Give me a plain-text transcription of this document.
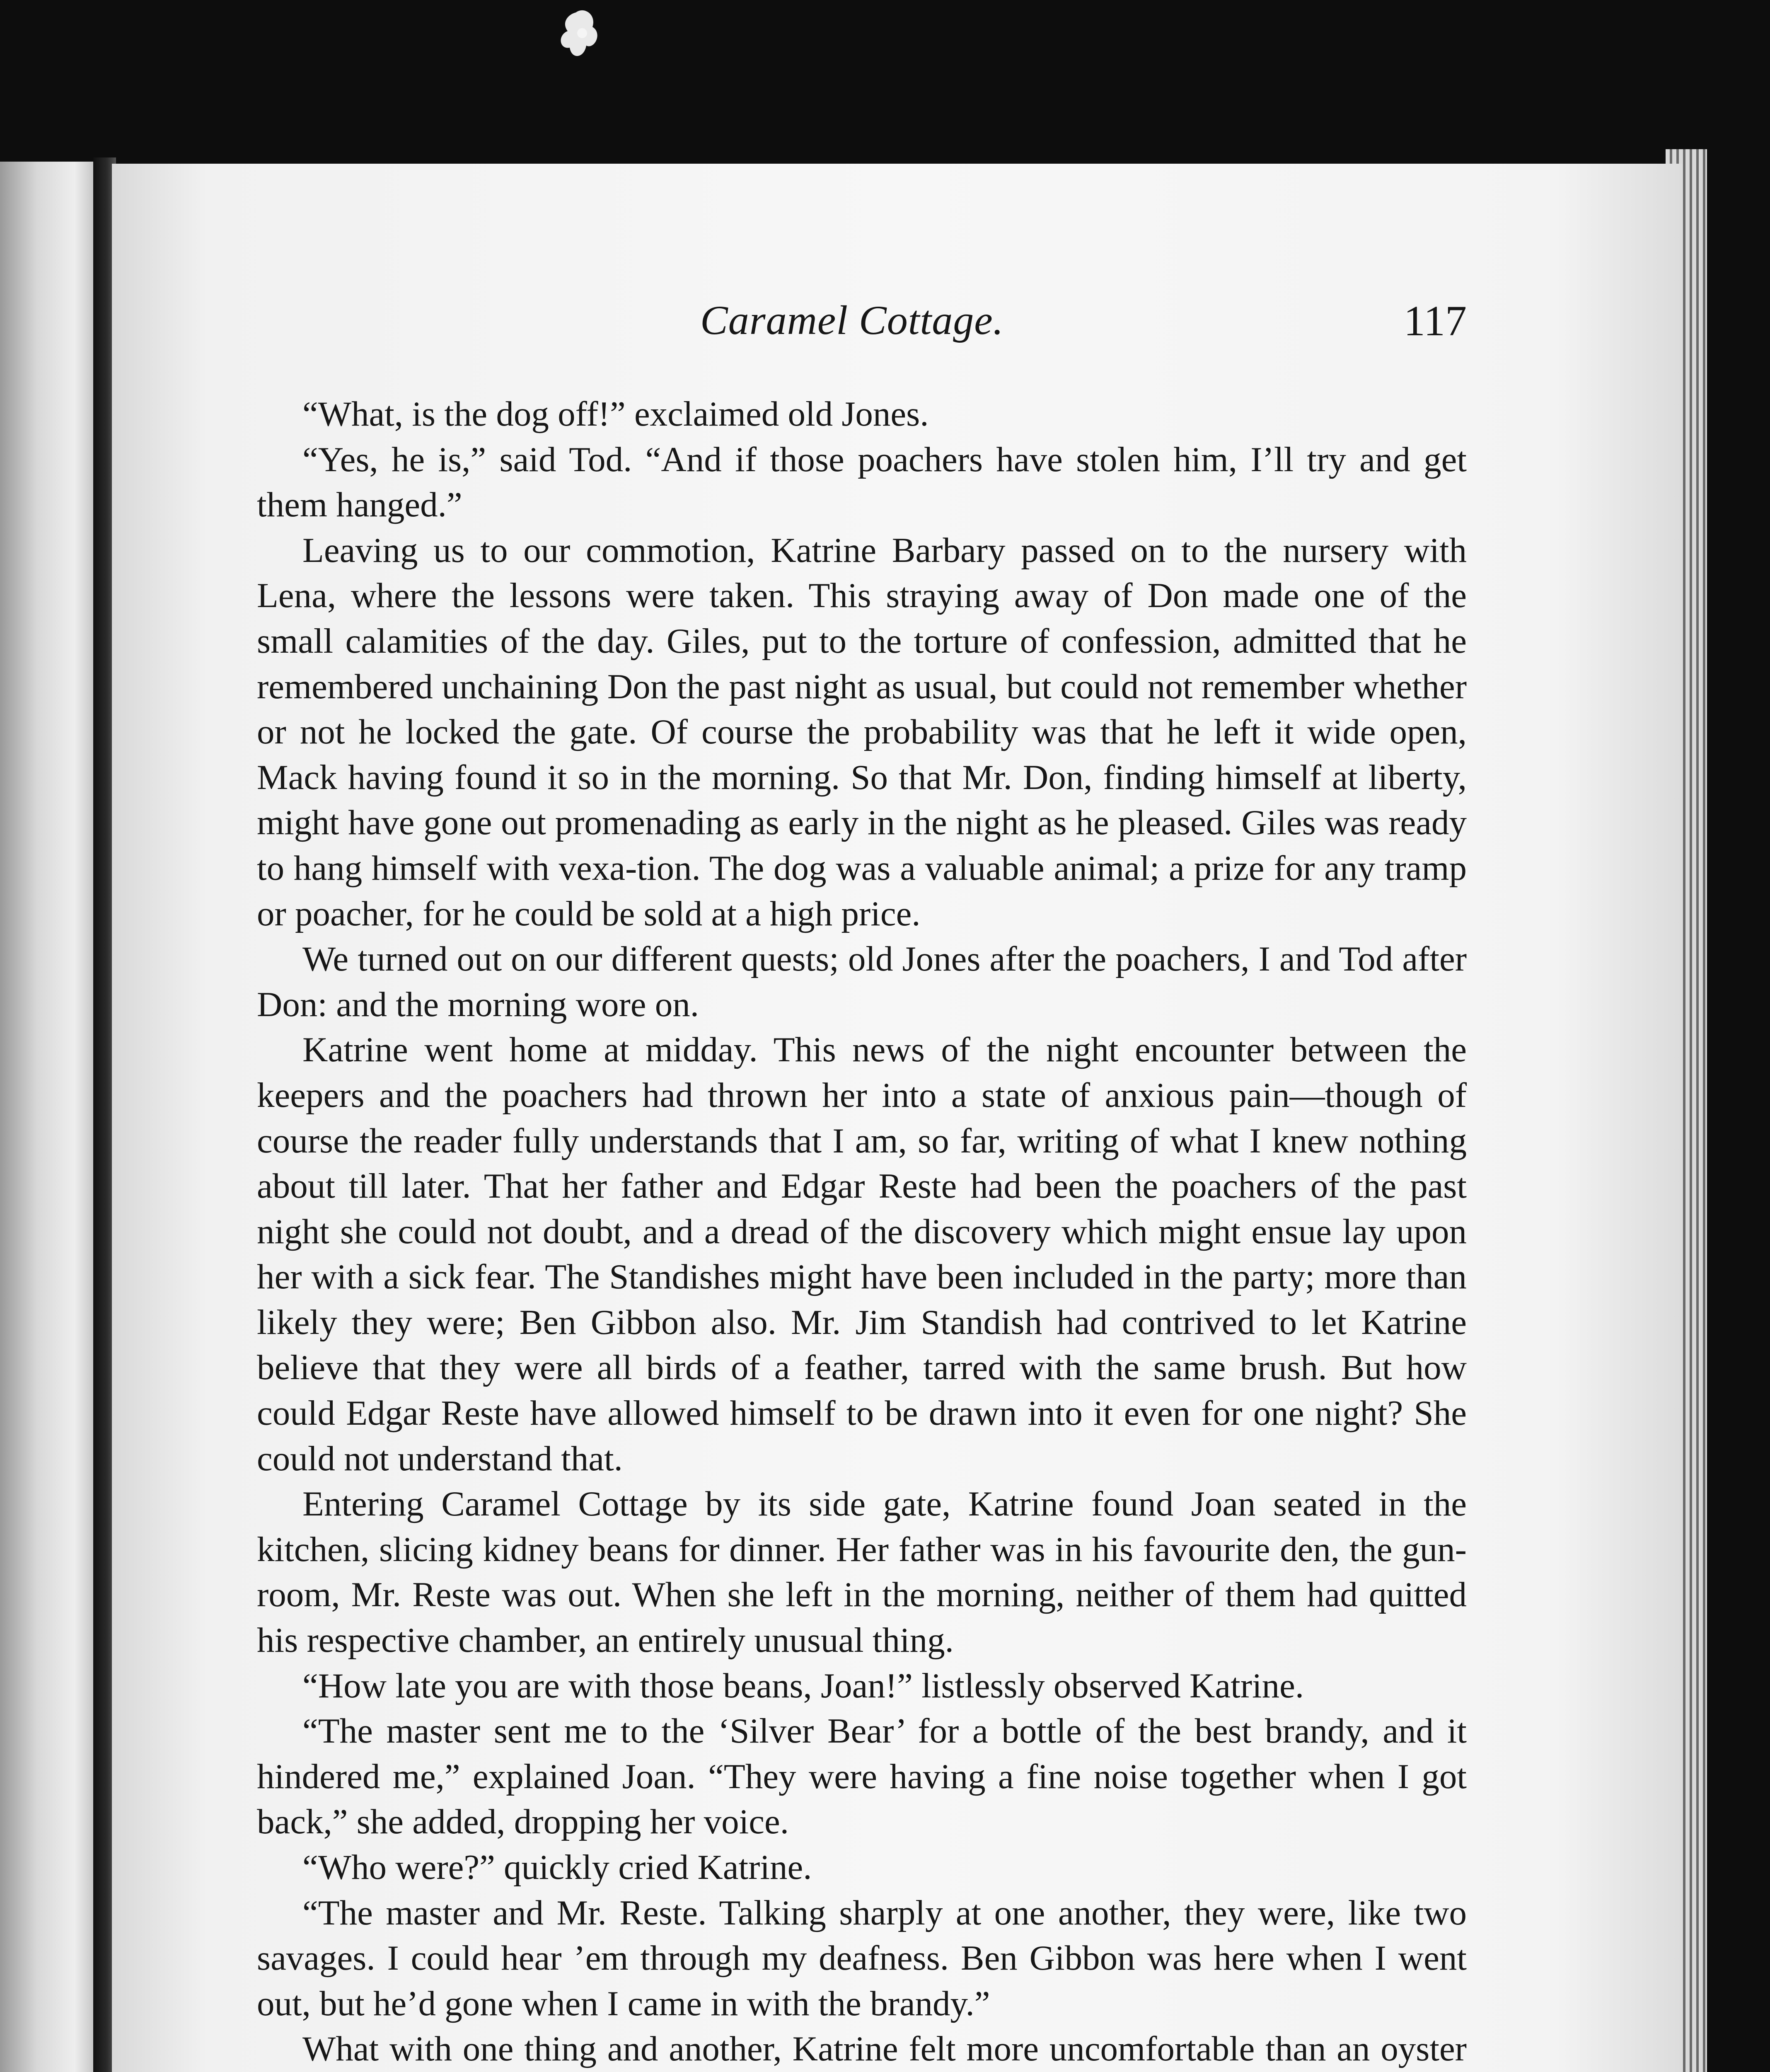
Caramel Cottage.	117

“What, is the dog off!” exclaimed old Jones.

“Yes, he is,” said Tod. “And if those poachers have stolen him, I’ll try and get them hanged.”

Leaving us to our commotion, Katrine Barbary passed on to the nursery with Lena, where the lessons were taken. This straying away of Don made one of the small calamities of the day. Giles, put to the torture of confession, admitted that he remembered unchaining Don the past night as usual, but could not remember whether or not he locked the gate. Of course the probability was that he left it wide open, Mack having found it so in the morning. So that Mr. Don, finding himself at liberty, might have gone out promenading as early in the night as he pleased. Giles was ready to hang himself with vexa-tion. The dog was a valuable animal; a prize for any tramp or poacher, for he could be sold at a high price.

We turned out on our different quests; old Jones after the poachers, I and Tod after Don: and the morning wore on.

Katrine went home at midday. This news of the night encounter between the keepers and the poachers had thrown her into a state of anxious pain—though of course the reader fully understands that I am, so far, writing of what I knew nothing about till later. That her father and Edgar Reste had been the poachers of the past night she could not doubt, and a dread of the discovery which might ensue lay upon her with a sick fear. The Standishes might have been included in the party; more than likely they were; Ben Gibbon also. Mr. Jim Standish had contrived to let Katrine believe that they were all birds of a feather, tarred with the same brush. But how could Edgar Reste have allowed himself to be drawn into it even for one night? She could not understand that.

Entering Caramel Cottage by its side gate, Katrine found Joan seated in the kitchen, slicing kidney beans for dinner. Her father was in his favourite den, the gun-room, Mr. Reste was out. When she left in the morning, neither of them had quitted his respective chamber, an entirely unusual thing.

“How late you are with those beans, Joan!” listlessly observed Katrine.

“The master sent me to the ‘Silver Bear’ for a bottle of the best brandy, and it hindered me,” explained Joan. “They were having a fine noise together when I got back,” she added, dropping her voice.

“Who were?” quickly cried Katrine.

“The master and Mr. Reste. Talking sharply at one another, they were, like two savages. I could hear ’em through my deafness. Ben Gibbon was here when I went out, but he’d gone when I came in with the brandy.”

What with one thing and another, Katrine felt more uncomfortable than an oyster
